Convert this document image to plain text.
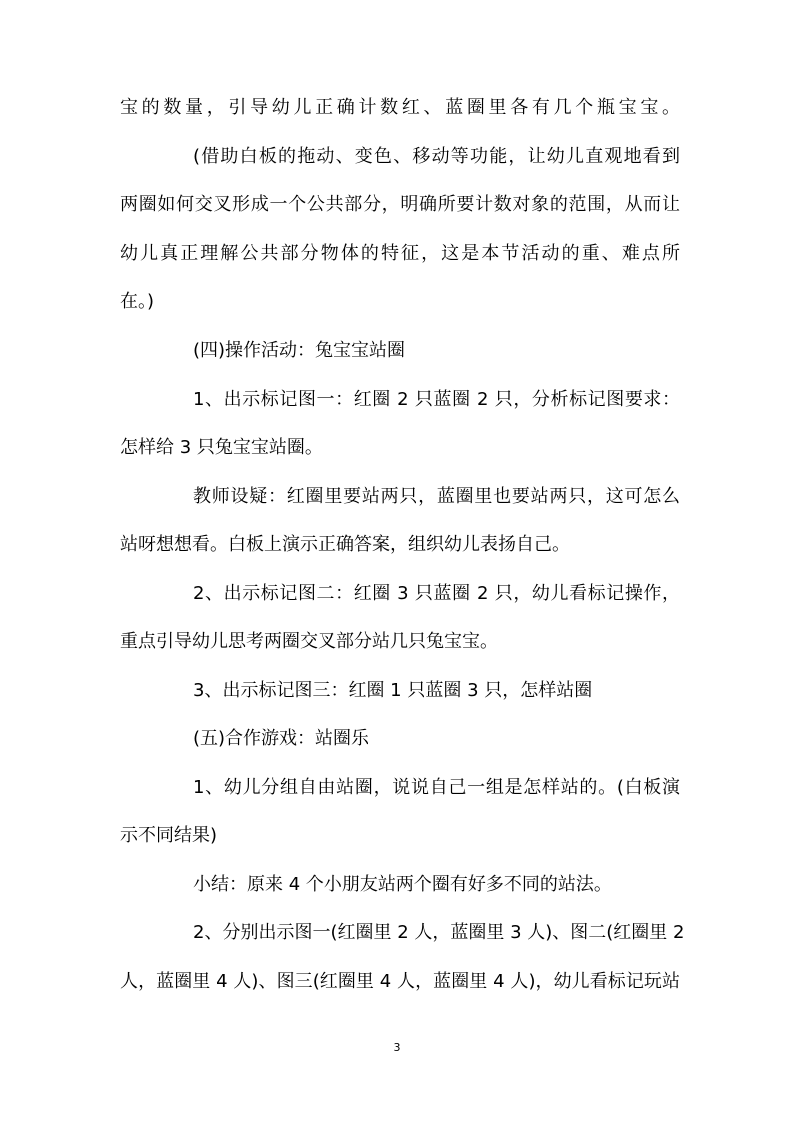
宝的数量，引导幼儿正确计数红、蓝圈里各有几个瓶宝宝。
(借助白板的拖动、变色、移动等功能，让幼儿直观地看到
两圈如何交叉形成一个公共部分，明确所要计数对象的范围，从而让
幼儿真正理解公共部分物体的特征，这是本节活动的重、难点所
在。)
(四)操作活动：兔宝宝站圈
1、出示标记图一：红圈 2 只蓝圈 2 只，分析标记图要求：
怎样给 3 只兔宝宝站圈。
教师设疑：红圈里要站两只，蓝圈里也要站两只，这可怎么
站呀想想看。白板上演示正确答案，组织幼儿表扬自己。
2、出示标记图二：红圈 3 只蓝圈 2 只，幼儿看标记操作，
重点引导幼儿思考两圈交叉部分站几只兔宝宝。
3、出示标记图三：红圈 1 只蓝圈 3 只，怎样站圈
(五)合作游戏：站圈乐
1、幼儿分组自由站圈，说说自己一组是怎样站的。(白板演
示不同结果)
小结：原来 4 个小朋友站两个圈有好多不同的站法。
2、分别出示图一(红圈里 2 人，蓝圈里 3 人)、图二(红圈里 2
人，蓝圈里 4 人)、图三(红圈里 4 人，蓝圈里 4 人)，幼儿看标记玩站
3
